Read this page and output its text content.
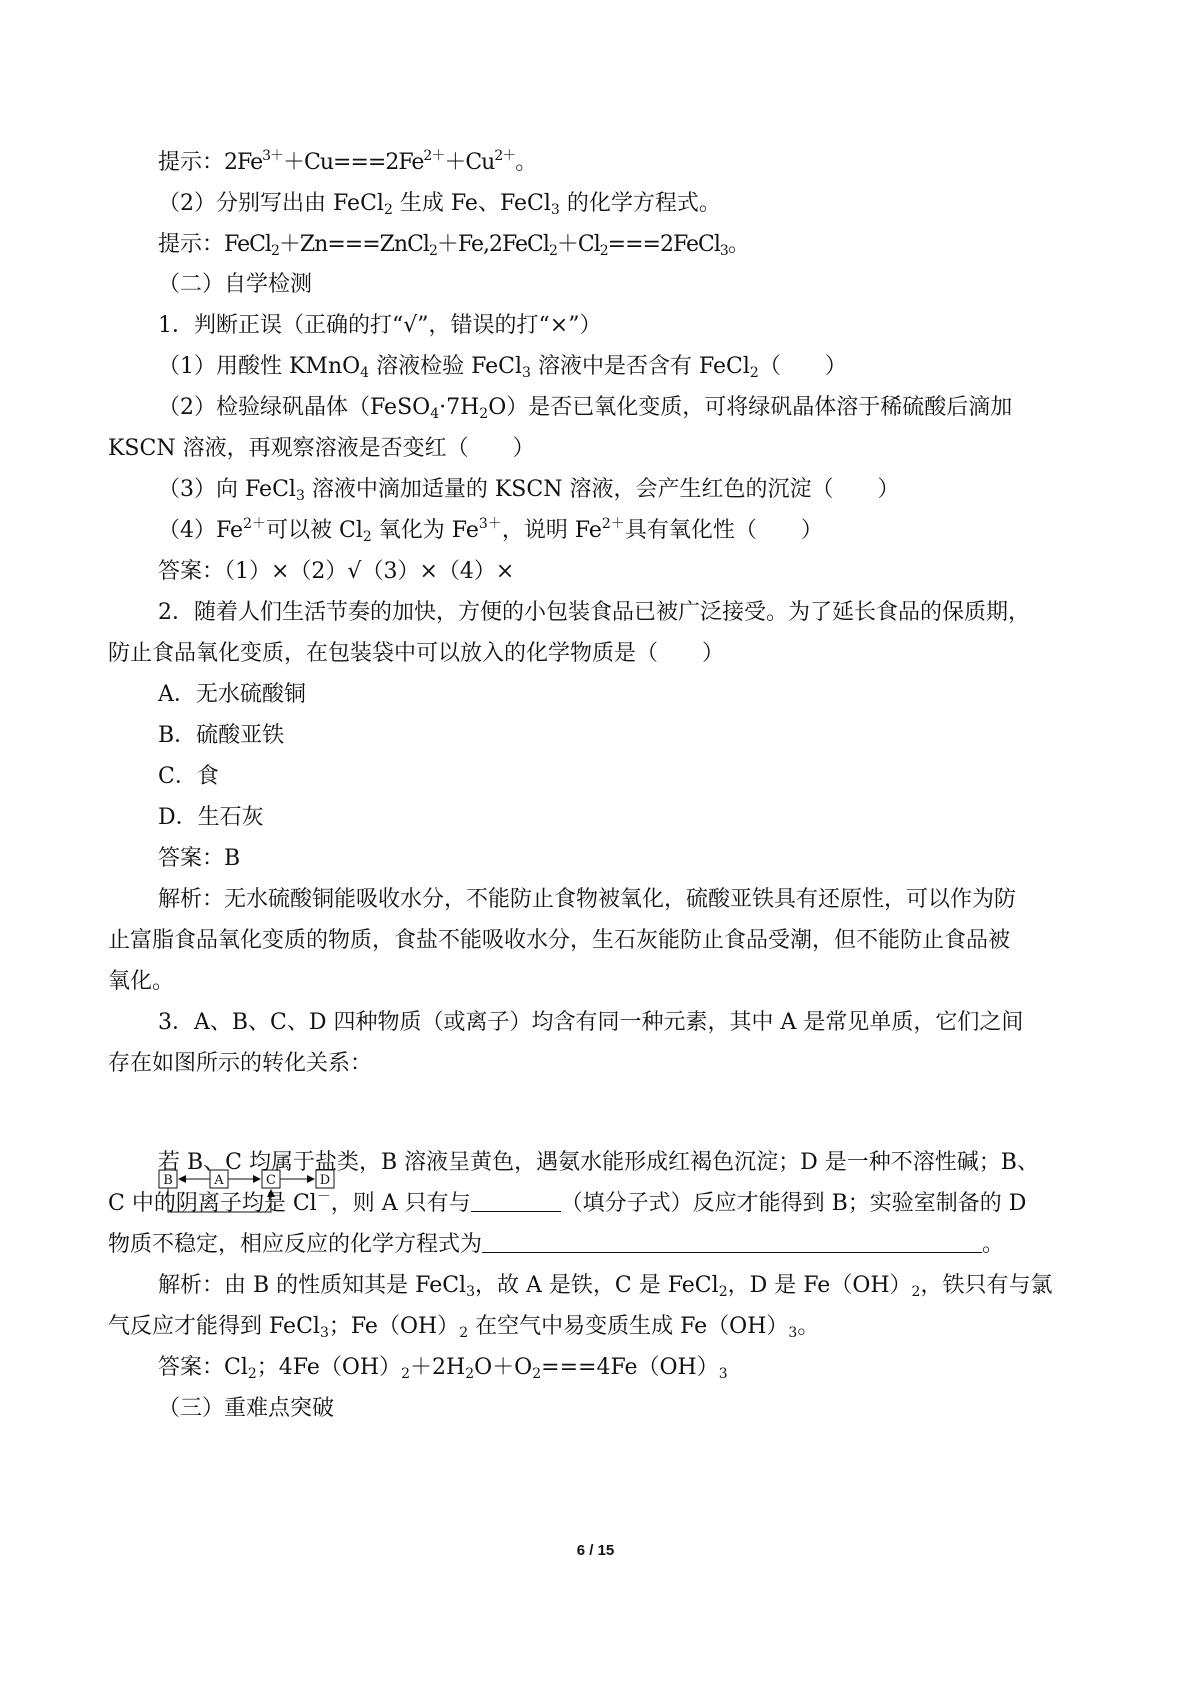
提示：$2Fe^{3+}+Cu===2Fe^{2+}+Cu^{2+}$。
（2）分别写出由 FeCl$_2$ 生成 Fe、FeCl$_3$ 的化学方程式。
提示：$FeCl_2+Zn===ZnCl_2+Fe,2FeCl_2+Cl_2===2FeCl_3$。
（二）自学检测
1．判断正误（正确的打“√”，错误的打“×”）
（1）用酸性 KMnO$_4$ 溶液检验 FeCl$_3$ 溶液中是否含有 FeCl$_2$（　　）
（2）检验绿矾晶体$(FeSO_4\cdot 7H_2O)$是否已氧化变质，可将绿矾晶体溶于稀硫酸后滴加
KSCN 溶液，再观察溶液是否变红（　　）
（3）向 FeCl$_3$ 溶液中滴加适量的 KSCN 溶液，会产生红色的沉淀（　　）
$(4)Fe^{2+}$可以被 $Cl_2$ 氧化为 $Fe^{3+}$，说明 $Fe^{2+}$具有氧化性（　　）
答案：（1）×（2）√（3）×（4）×
2．随着人们生活节奏的加快，方便的小包装食品已被广泛接受。为了延长食品的保质期，
防止食品氧化变质，在包装袋中可以放入的化学物质是（　　）
A．无水硫酸铜
B．硫酸亚铁
C．食
D．生石灰
答案：B
解析：无水硫酸铜能吸收水分，不能防止食物被氧化，硫酸亚铁具有还原性，可以作为防
止富脂食品氧化变质的物质，食盐不能吸收水分，生石灰能防止食品受潮，但不能防止食品被
氧化。
3．A、B、C、D 四种物质（或离子）均含有同一种元素，其中 A 是常见单质，它们之间
存在如图所示的转化关系：
B	A	C	D
若 B、C 均属于盐类，B 溶液呈黄色，遇氨水能形成红褐色沉淀；D 是一种不溶性碱；B、
C 中的阴离子均是 Cl－，则 A 只有与	（填分子式）反应才能得到 B；实验室制备的 D
物质不稳定，相应反应的化学方程式为	。
解析：由 B 的性质知其是 FeCl$_3$，故 A 是铁，C 是 FeCl$_2$，D 是 $Fe(OH)_2$，铁只有与氯
气反应才能得到 FeCl$_3$；$Fe(OH)_2$ 在空气中易变质生成 $Fe(OH)_3$。
答案：$Cl_2$；$4Fe(OH)_2+2H_2O+O_2===4Fe(OH)_3$
（三）重难点突破
6 / 15
